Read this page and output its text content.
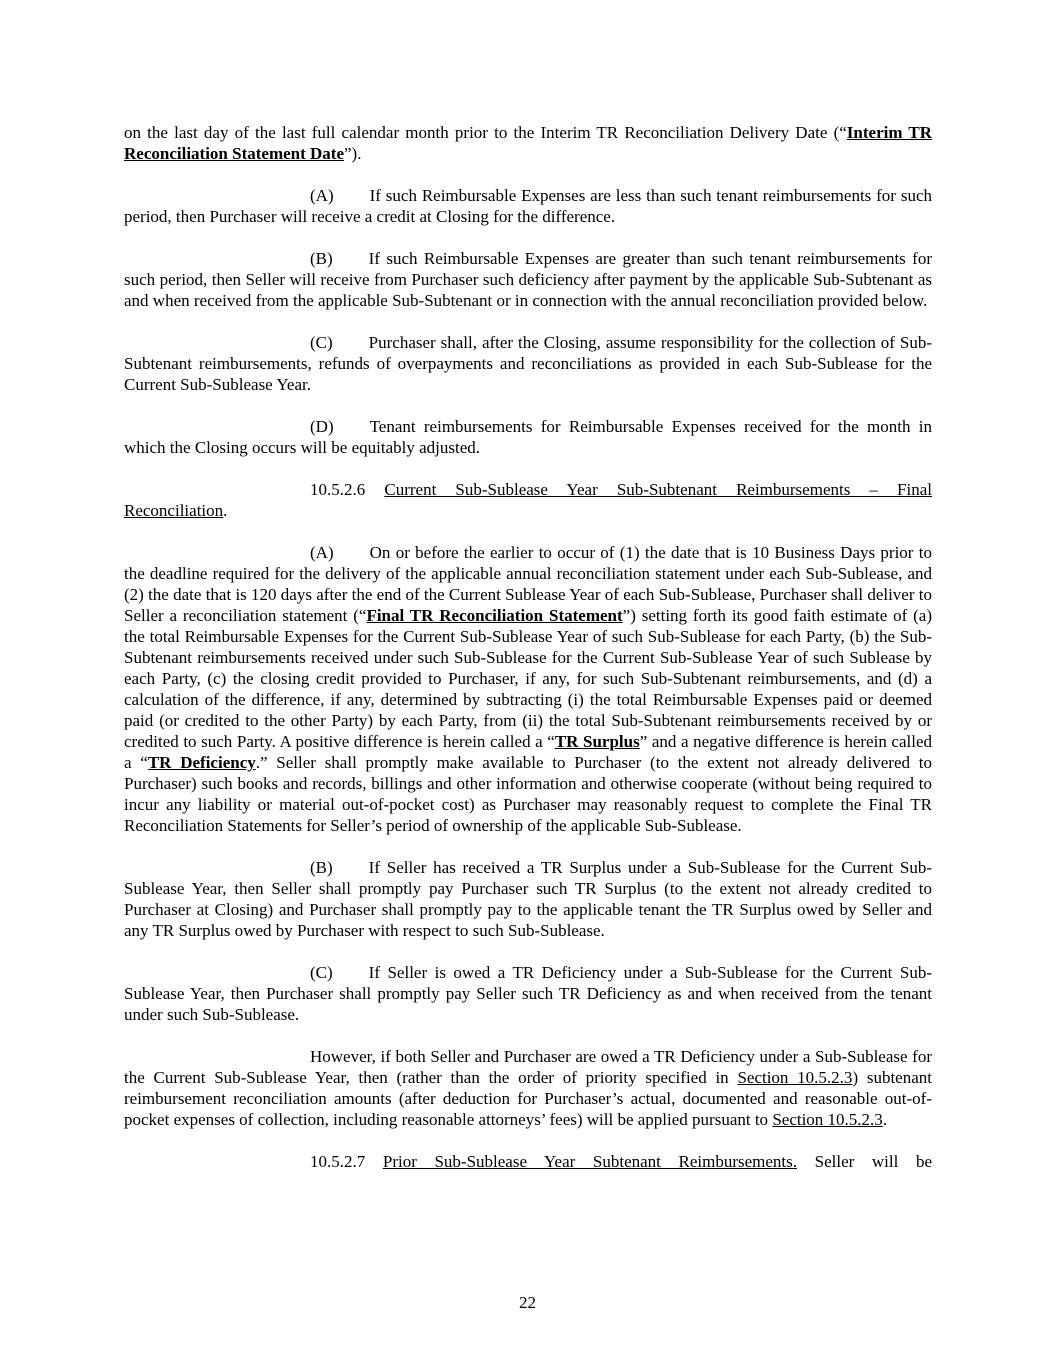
on the last day of the last full calendar month prior to the Interim TR Reconciliation Delivery Date (“Interim TR Reconciliation Statement Date”).

(A) If such Reimbursable Expenses are less than such tenant reimbursements for such period, then Purchaser will receive a credit at Closing for the difference.

(B) If such Reimbursable Expenses are greater than such tenant reimbursements for such period, then Seller will receive from Purchaser such deficiency after payment by the applicable Sub-Subtenant as and when received from the applicable Sub-Subtenant or in connection with the annual reconciliation provided below.

(C) Purchaser shall, after the Closing, assume responsibility for the collection of Sub-Subtenant reimbursements, refunds of overpayments and reconciliations as provided in each Sub-Sublease for the Current Sub-Sublease Year.

(D) Tenant reimbursements for Reimbursable Expenses received for the month in which the Closing occurs will be equitably adjusted.

10.5.2.6 Current Sub-Sublease Year Sub-Subtenant Reimbursements – Final Reconciliation.

(A) On or before the earlier to occur of (1) the date that is 10 Business Days prior to the deadline required for the delivery of the applicable annual reconciliation statement under each Sub-Sublease, and (2) the date that is 120 days after the end of the Current Sublease Year of each Sub-Sublease, Purchaser shall deliver to Seller a reconciliation statement (“Final TR Reconciliation Statement”) setting forth its good faith estimate of (a) the total Reimbursable Expenses for the Current Sub-Sublease Year of such Sub-Sublease for each Party, (b) the Sub-Subtenant reimbursements received under such Sub-Sublease for the Current Sub-Sublease Year of such Sublease by each Party, (c) the closing credit provided to Purchaser, if any, for such Sub-Subtenant reimbursements, and (d) a calculation of the difference, if any, determined by subtracting (i) the total Reimbursable Expenses paid or deemed paid (or credited to the other Party) by each Party, from (ii) the total Sub-Subtenant reimbursements received by or credited to such Party. A positive difference is herein called a “TR Surplus” and a negative difference is herein called a “TR Deficiency.” Seller shall promptly make available to Purchaser (to the extent not already delivered to Purchaser) such books and records, billings and other information and otherwise cooperate (without being required to incur any liability or material out-of-pocket cost) as Purchaser may reasonably request to complete the Final TR Reconciliation Statements for Seller’s period of ownership of the applicable Sub-Sublease.

(B) If Seller has received a TR Surplus under a Sub-Sublease for the Current Sub-Sublease Year, then Seller shall promptly pay Purchaser such TR Surplus (to the extent not already credited to Purchaser at Closing) and Purchaser shall promptly pay to the applicable tenant the TR Surplus owed by Seller and any TR Surplus owed by Purchaser with respect to such Sub-Sublease.

(C) If Seller is owed a TR Deficiency under a Sub-Sublease for the Current Sub-Sublease Year, then Purchaser shall promptly pay Seller such TR Deficiency as and when received from the tenant under such Sub-Sublease.

However, if both Seller and Purchaser are owed a TR Deficiency under a Sub-Sublease for the Current Sub-Sublease Year, then (rather than the order of priority specified in Section 10.5.2.3) subtenant reimbursement reconciliation amounts (after deduction for Purchaser’s actual, documented and reasonable out-of-pocket expenses of collection, including reasonable attorneys’ fees) will be applied pursuant to Section 10.5.2.3.

10.5.2.7 Prior Sub-Sublease Year Subtenant Reimbursements. Seller will be

22
